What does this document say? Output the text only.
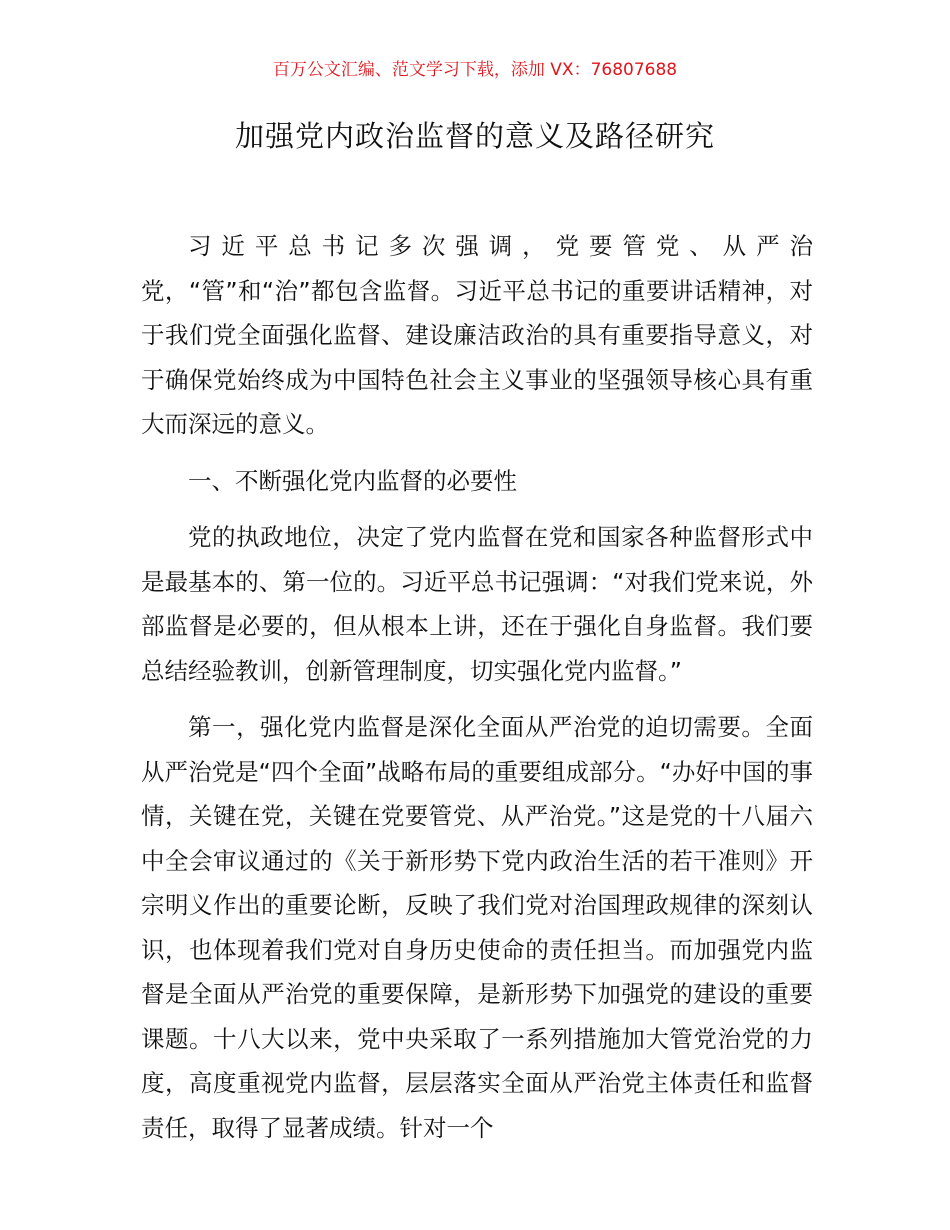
百万公文汇编、范文学习下载，添加 VX：76807688
加强党内政治监督的意义及路径研究

习近平总书记多次强调，党要管党、从严治党，“管”和“治”都包含监督。习近平总书记的重要讲话精神，对于我们党全面强化监督、建设廉洁政治的具有重要指导意义，对于确保党始终成为中国特色社会主义事业的坚强领导核心具有重大而深远的意义。

一、不断强化党内监督的必要性

党的执政地位，决定了党内监督在党和国家各种监督形式中是最基本的、第一位的。习近平总书记强调：“对我们党来说，外部监督是必要的，但从根本上讲，还在于强化自身监督。我们要总结经验教训，创新管理制度，切实强化党内监督。”

第一，强化党内监督是深化全面从严治党的迫切需要。全面从严治党是“四个全面”战略布局的重要组成部分。“办好中国的事情，关键在党，关键在党要管党、从严治党。”这是党的十八届六中全会审议通过的《关于新形势下党内政治生活的若干准则》开宗明义作出的重要论断，反映了我们党对治国理政规律的深刻认识，也体现着我们党对自身历史使命的责任担当。而加强党内监督是全面从严治党的重要保障，是新形势下加强党的建设的重要课题。十八大以来，党中央采取了一系列措施加大管党治党的力度，高度重视党内监督，层层落实全面从严治党主体责任和监督责任，取得了显著成绩。针对一个
